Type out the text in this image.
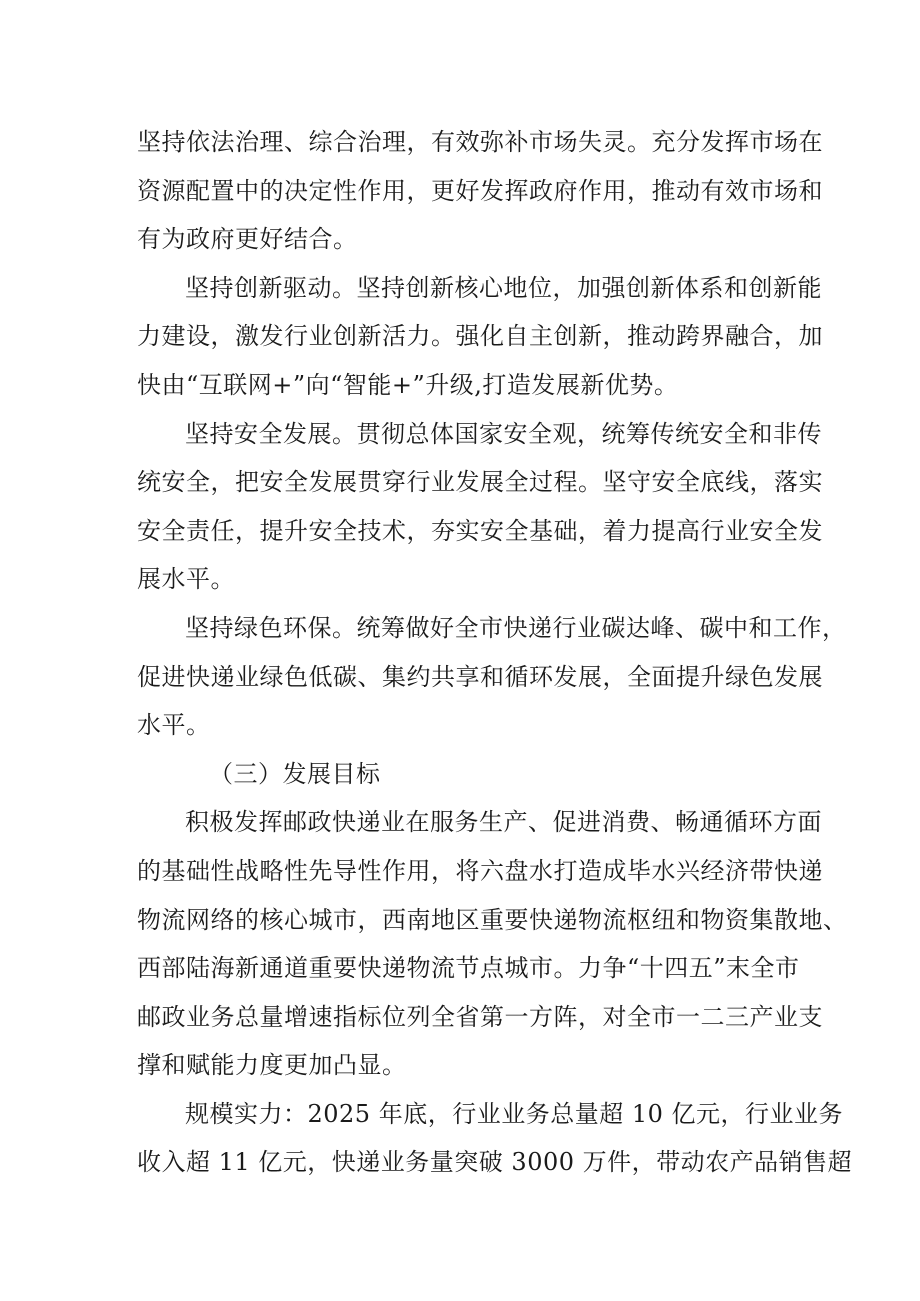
坚持依法治理、综合治理，有效弥补市场失灵。充分发挥市场在
资源配置中的决定性作用，更好发挥政府作用，推动有效市场和
有为政府更好结合。
坚持创新驱动。坚持创新核心地位，加强创新体系和创新能
力建设，激发行业创新活力。强化自主创新，推动跨界融合，加
快由“互联网+”向“智能+”升级,打造发展新优势。
坚持安全发展。贯彻总体国家安全观，统筹传统安全和非传
统安全，把安全发展贯穿行业发展全过程。坚守安全底线，落实
安全责任，提升安全技术，夯实安全基础，着力提高行业安全发
展水平。
坚持绿色环保。统筹做好全市快递行业碳达峰、碳中和工作，
促进快递业绿色低碳、集约共享和循环发展，全面提升绿色发展
水平。
（三）发展目标
积极发挥邮政快递业在服务生产、促进消费、畅通循环方面
的基础性战略性先导性作用，将六盘水打造成毕水兴经济带快递
物流网络的核心城市，西南地区重要快递物流枢纽和物资集散地、
西部陆海新通道重要快递物流节点城市。力争“十四五”末全市
邮政业务总量增速指标位列全省第一方阵，对全市一二三产业支
撑和赋能力度更加凸显。
规模实力：2025 年底，行业业务总量超 10 亿元，行业业务
收入超 11 亿元，快递业务量突破 3000 万件，带动农产品销售超
